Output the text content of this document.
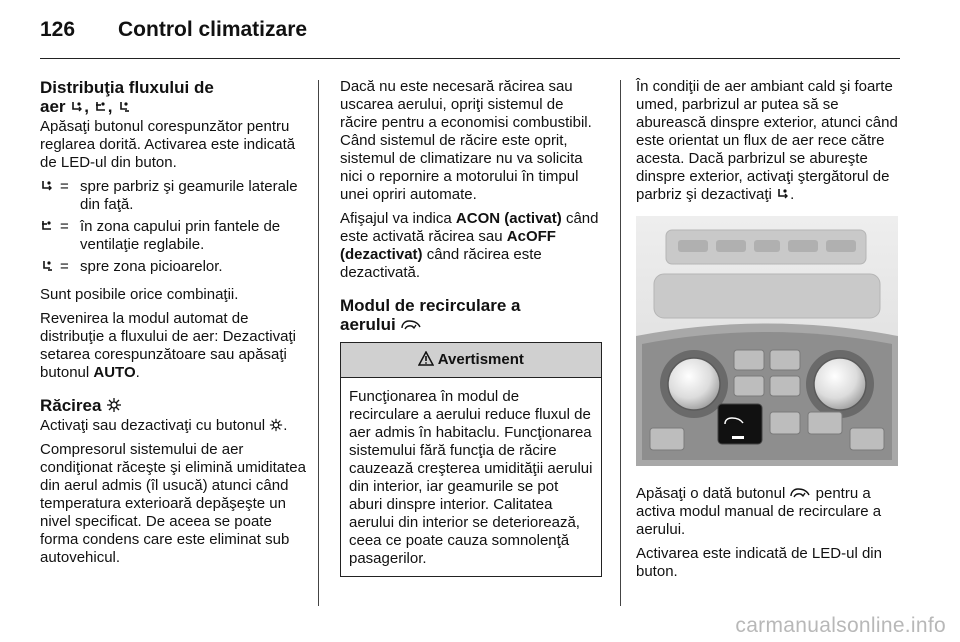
126 Control climatizare
Distribuţia fluxului de
aer , ,

Apăsaţi butonul corespunzător pentru reglarea dorită. Activarea este indicată de LED-ul din buton.

= spre parbriz şi geamurile laterale din faţă.
= în zona capului prin fantele de ventilaţie reglabile.
= spre zona picioarelor.

Sunt posibile orice combinaţii.

Revenirea la modul automat de distribuţie a fluxului de aer: Dezactivaţi setarea corespunzătoare sau apăsaţi butonul AUTO.

Răcirea

Activaţi sau dezactivaţi cu butonul .

Compresorul sistemului de aer condiţionat răceşte şi elimină umiditatea din aerul admis (îl usucă) atunci când temperatura exterioară depăşeşte un nivel specificat. De aceea se poate forma condens care este eliminat sub autovehicul.

Dacă nu este necesară răcirea sau uscarea aerului, opriţi sistemul de răcire pentru a economisi combustibil. Când sistemul de răcire este oprit, sistemul de climatizare nu va solicita nici o repornire a motorului în timpul unei opriri automate.

Afişajul va indica ACON (activat) când este activată răcirea sau AcOFF (dezactivat) când răcirea este dezactivată.

Modul de recirculare a aerului
Avertisment
Funcţionarea în modul de recirculare a aerului reduce fluxul de aer admis în habitaclu. Funcţionarea sistemului fără funcţia de răcire cauzează creşterea umidităţii aerului din interior, iar geamurile se pot aburi dinspre interior. Calitatea aerului din interior se deteriorează, ceea ce poate cauza somnolenţă pasagerilor.

În condiţii de aer ambiant cald şi foarte umed, parbrizul ar putea să se aburească dinspre exterior, atunci când este orientat un flux de aer rece către acesta. Dacă parbrizul se abureşte dinspre exterior, activaţi ştergătorul de parbriz şi dezactivaţi .

Apăsaţi o dată butonul pentru a activa modul manual de recirculare a aerului.

Activarea este indicată de LED-ul din buton.

carmanualsonline.info
